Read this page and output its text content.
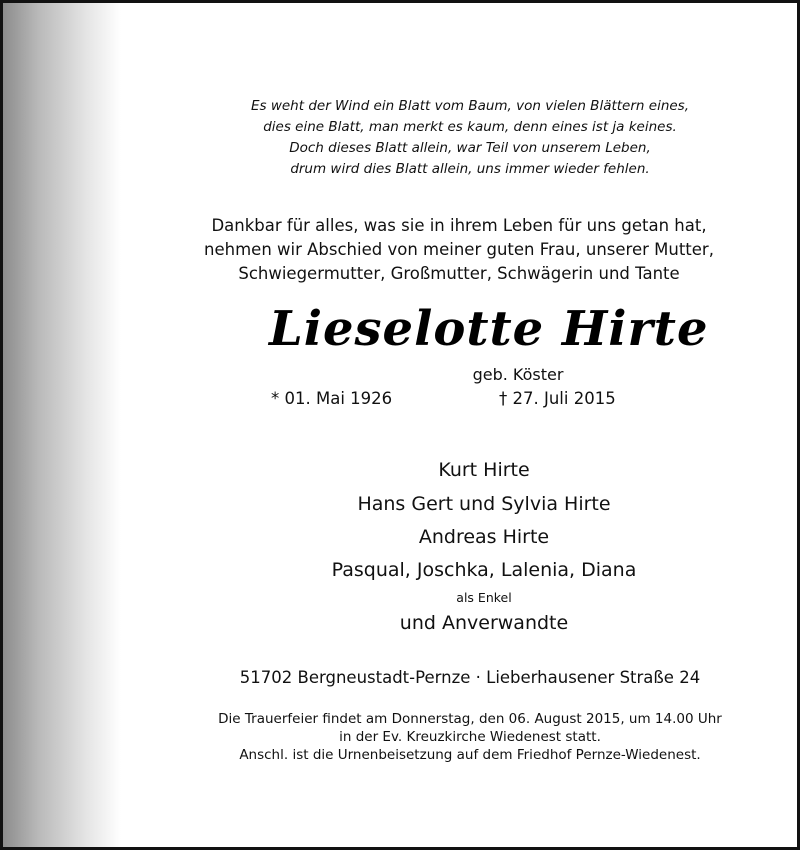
Es weht der Wind ein Blatt vom Baum, von vielen Blättern eines,
dies eine Blatt, man merkt es kaum, denn eines ist ja keines.
Doch dieses Blatt allein, war Teil von unserem Leben,
drum wird dies Blatt allein, uns immer wieder fehlen.
Dankbar für alles, was sie in ihrem Leben für uns getan hat,
nehmen wir Abschied von meiner guten Frau, unserer Mutter,
Schwiegermutter, Großmutter, Schwägerin und Tante
Lieselotte Hirte
geb. Köster
* 01. Mai 1926	† 27. Juli 2015
Kurt Hirte
Hans Gert und Sylvia Hirte
Andreas Hirte
Pasqual, Joschka, Lalenia, Diana
als Enkel
und Anverwandte
51702 Bergneustadt-Pernze · Lieberhausener Straße 24
Die Trauerfeier findet am Donnerstag, den 06. August 2015, um 14.00 Uhr
in der Ev. Kreuzkirche Wiedenest statt.
Anschl. ist die Urnenbeisetzung auf dem Friedhof Pernze-Wiedenest.
